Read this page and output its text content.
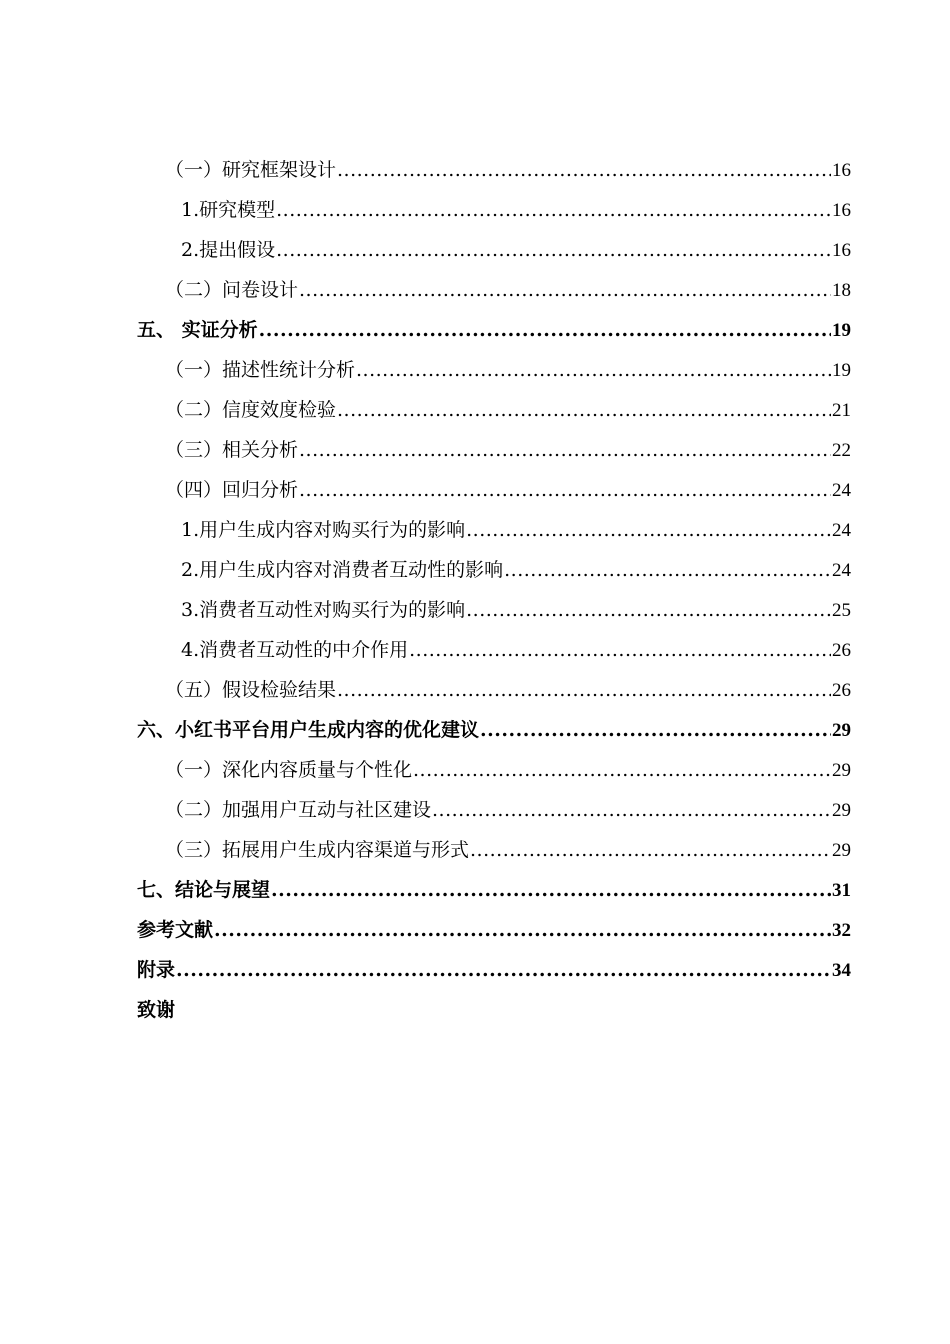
（一）研究框架设计 .....	16
1.研究模型 .....	16
2.提出假设 .....	16
（二）问卷设计 .....	18
五、 实证分析 .....	19
（一）描述性统计分析 .....	19
（二）信度效度检验 .....	21
（三）相关分析 .....	22
（四）回归分析 .....	24
1.用户生成内容对购买行为的影响 .....	24
2.用户生成内容对消费者互动性的影响 .....	24
3.消费者互动性对购买行为的影响 .....	25
4.消费者互动性的中介作用 .....	26
（五）假设检验结果 .....	26
六、小红书平台用户生成内容的优化建议 .....	29
（一）深化内容质量与个性化 .....	29
（二）加强用户互动与社区建设 .....	29
（三）拓展用户生成内容渠道与形式 .....	29
七、结论与展望 .....	31
参考文献 .....	32
附录 .....	34
致谢
